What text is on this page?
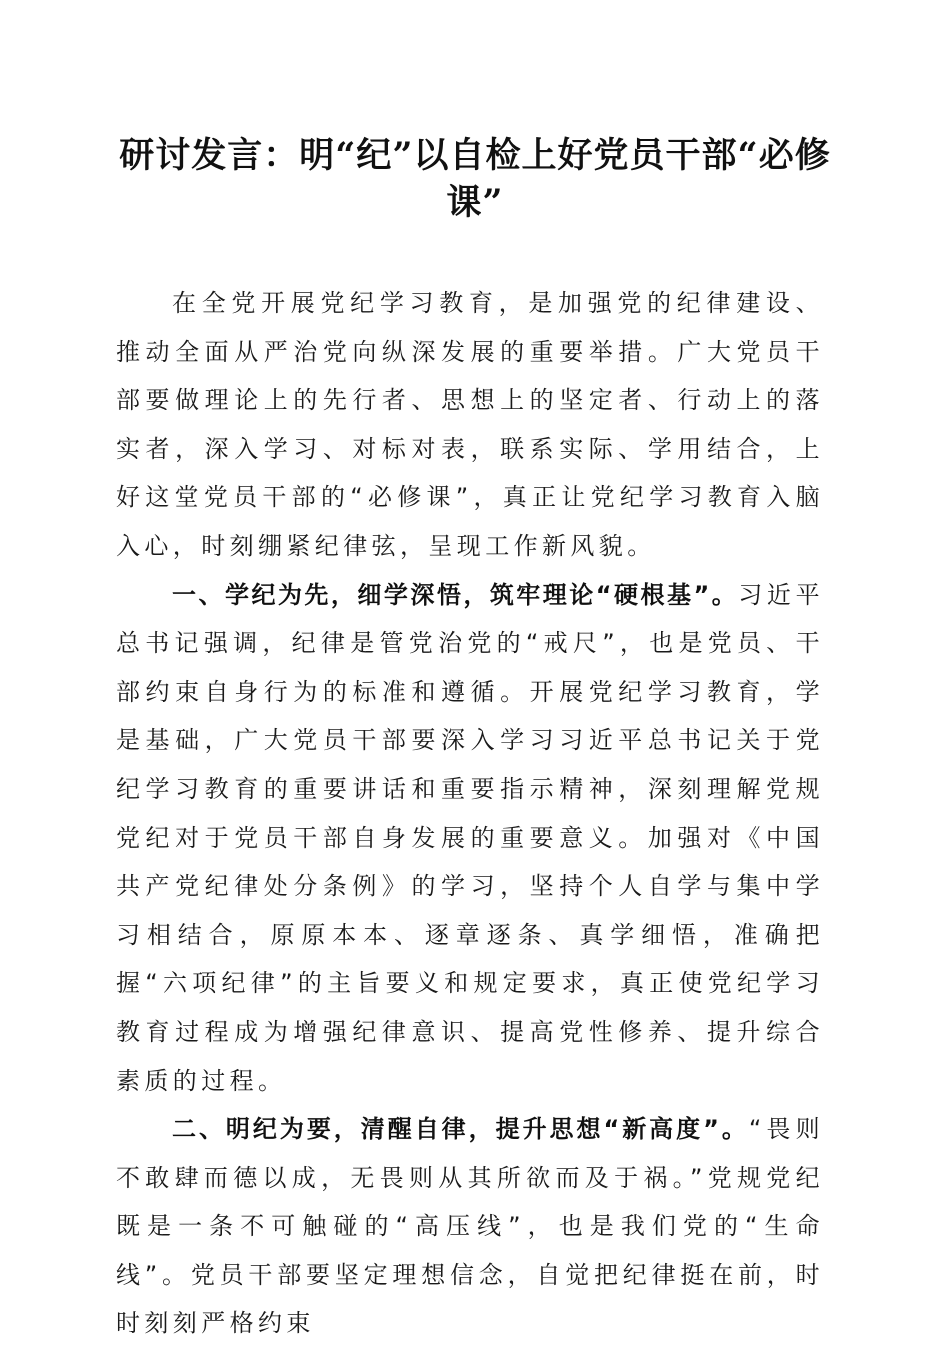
研讨发言：明“纪”以自检上好党员干部“必修课”

在全党开展党纪学习教育，是加强党的纪律建设、推动全面从严治党向纵深发展的重要举措。广大党员干部要做理论上的先行者、思想上的坚定者、行动上的落实者，深入学习、对标对表，联系实际、学用结合，上好这堂党员干部的“必修课”，真正让党纪学习教育入脑入心，时刻绷紧纪律弦，呈现工作新风貌。

一、学纪为先，细学深悟，筑牢理论“硬根基”。习近平总书记强调，纪律是管党治党的“戒尺”，也是党员、干部约束自身行为的标准和遵循。开展党纪学习教育，学是基础，广大党员干部要深入学习习近平总书记关于党纪学习教育的重要讲话和重要指示精神，深刻理解党规党纪对于党员干部自身发展的重要意义。加强对《中国共产党纪律处分条例》的学习，坚持个人自学与集中学习相结合，原原本本、逐章逐条、真学细悟，准确把握“六项纪律”的主旨要义和规定要求，真正使党纪学习教育过程成为增强纪律意识、提高党性修养、提升综合素质的过程。

二、明纪为要，清醒自律，提升思想“新高度”。“畏则不敢肆而德以成，无畏则从其所欲而及于祸。”党规党纪既是一条不可触碰的“高压线”，也是我们党的“生命线”。党员干部要坚定理想信念，自觉把纪律挺在前，时时刻刻严格约束
